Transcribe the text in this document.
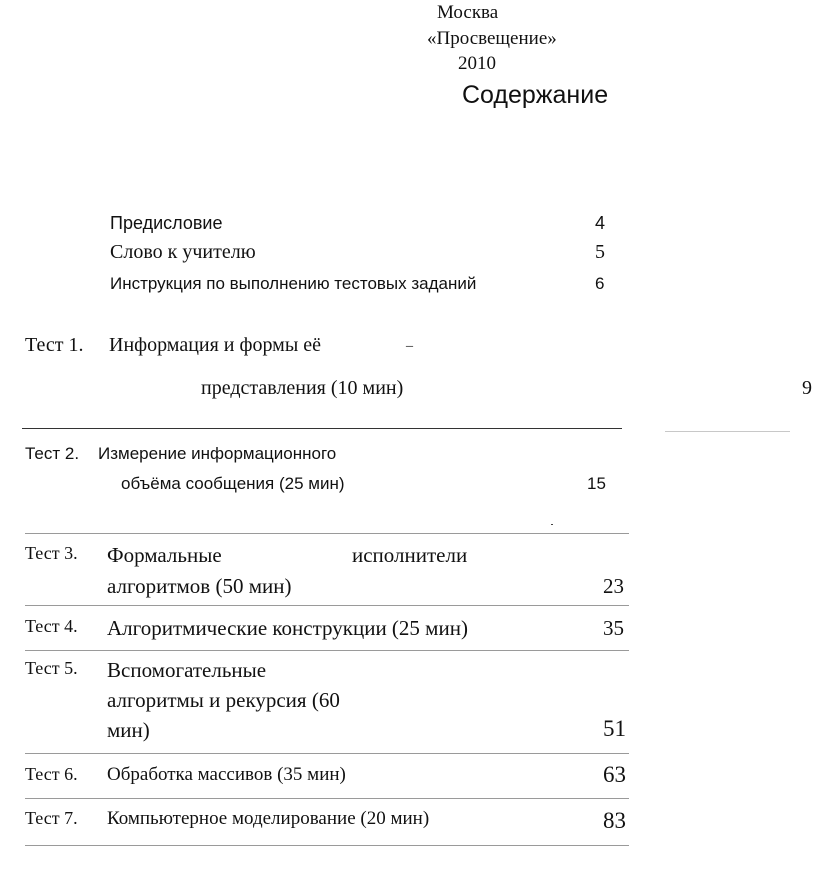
Москва
«Просвещение»
2010
Содержание
Предисловие	4
Слово к учителю	5
Инструкция по выполнению тестовых заданий	6
Тест 1. Информация и формы её	_
представления (10 мин)	9
Тест 2. Измерение информационного
объёма сообщения (25 мин)	15
Тест 3. Формальные	исполнители
алгоритмов (50 мин)	23
Тест 4. Алгоритмические конструкции (25 мин)	35
Тест 5. Вспомогательные
алгоритмы и рекурсия (60
мин)	51
Тест 6. Обработка массивов (35 мин)	63
Тест 7. Компьютерное моделирование (20 мин)	83
